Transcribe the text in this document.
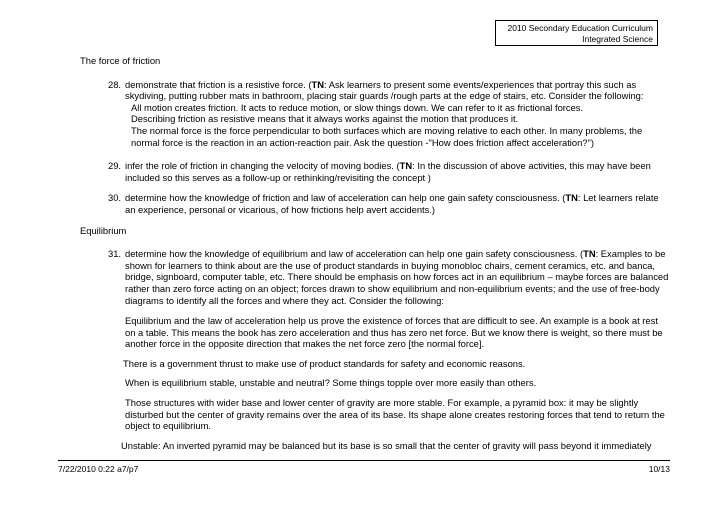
2010 Secondary Education Curriculum
Integrated Science
The force of friction
28. demonstrate that friction is a resistive force. (TN: Ask learners to present some events/experiences that portray this such as skydiving, putting rubber mats in bathroom, placing stair guards /rough parts at the edge of stairs, etc. Consider the following:

All motion creates friction. It acts to reduce motion, or slow things down. We can refer to it as frictional forces.

Describing friction as resistive means that it always works against the motion that produces it.

The normal force is the force perpendicular to both surfaces which are moving relative to each other. In many problems, the normal force is the reaction in an action-reaction pair. Ask the question -"How does friction affect acceleration?")

29. infer the role of friction in changing the velocity of moving bodies. (TN: In the discussion of above activities, this may have been included so this serves as a follow-up or rethinking/revisiting the concept )

30. determine how the knowledge of friction and law of acceleration can help one gain safety consciousness. (TN: Let learners relate an experience, personal or vicarious, of how frictions help avert accidents.)

Equilibrium
31. determine how the knowledge of equilibrium and law of acceleration can help one gain safety consciousness. (TN: Examples to be shown for learners to think about are the use of product standards in buying monobloc chairs, cement ceramics, etc. and banca, bridge, signboard, computer table, etc. There should be emphasis on how forces act in an equilibrium – maybe forces are balanced rather than zero force acting on an object; forces drawn to show equilibrium and non-equilibrium events; and the use of free-body diagrams to identify all the forces and where they act. Consider the following:

Equilibrium and the law of acceleration help us prove the existence of forces that are difficult to see. An example is a book at rest on a table. This means the book has zero acceleration and thus has zero net force. But we know there is weight, so there must be another force in the opposite direction that makes the net force zero [the normal force].
There is a government thrust to make use of product standards for safety and economic reasons.
When is equilibrium stable, unstable and neutral? Some things topple over more easily than others.
Those structures with wider base and lower center of gravity are more stable. For example, a pyramid box: it may be slightly disturbed but the center of gravity remains over the area of its base. Its shape alone creates restoring forces that tend to return the object to equilibrium.
Unstable: An inverted pyramid may be balanced but its base is so small that the center of gravity will pass beyond it immediately
7/22/2010 0:22 a7/p7	10/13
